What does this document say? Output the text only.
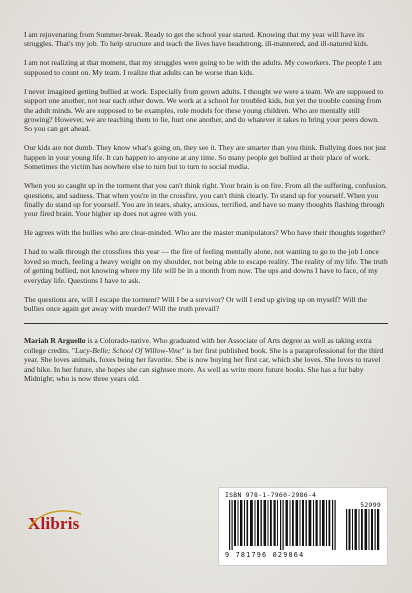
I am rejuvenating from Summer-break. Ready to get the school year started. Knowing that my year will have its struggles. That's my job. To help structure and teach the lives have headstrong, ill-mannered, and ill-natured kids.

I am not realizing at that moment, that my struggles were going to be with the adults. My coworkers. The people I am supposed to count on. My team. I realize that adults can be worse than kids.

I never imagined getting bullied at work. Especially from grown adults. I thought we were a team. We are supposed to support one another, not tear each other down. We work at a school for troubled kids, but yet the trouble coming from the adult minds. We are supposed to be examples, role models for these young children. Who are mentally still growing? However, we are teaching them to lie, hurt one another, and do whatever it takes to bring your peers down. So you can get ahead.

Our kids are not dumb. They know what's going on, they see it. They are smarter than you think. Bullying does not just happen in your young life. It can happen to anyone at any time. So many people get bullied at their place of work. Sometimes the victim has nowhere else to turn but to turn to social media.

When you so caught up in the torment that you can't think right. Your brain is on fire. From all the suffering, confusion, questions, and sadness. That when you're in the crossfire, you can't think clearly. To stand up for yourself. When you finally do stand up for yourself. You are in tears, shaky, anxious, terrified, and have so many thoughts flashing through your fired brain. Your higher up does not agree with you.

He agrees with the bullies who are clear-minded. Who are the master manipulators? Who have their thoughts together?

I had to walk through the crossfires this year — the fire of feeling mentally alone, not wanting to go to the job I once loved so much, feeling a heavy weight on my shoulder, not being able to escape reality. The reality of my life. The truth of getting bullied, not knowing where my life will be in a month from now. The ups and downs I have to face, of my everyday life. Questions I have to ask.

The questions are, will I escape the torment? Will I be a survivor? Or will I end up giving up on myself? Will the bullies once again get away with murder? Will the truth prevail?

Mariah R Arguello is a Colorado-native. Who graduated with her Associate of Arts degree as well as taking extra college credits. "Lucy-Belle; School Of Willow-Vine" is her first published book. She is a paraprofessional for the third year. She loves animals, foxes being her favorite. She is now buying her first car, which she loves. She loves to travel and hike. In her future, she hopes she can sightsee more. As well as write more future books. She has a fur baby Midnight; who is now three years old.

Xlibris
ISBN 978-1-7960-2986-4
52999
9 781796 029864
